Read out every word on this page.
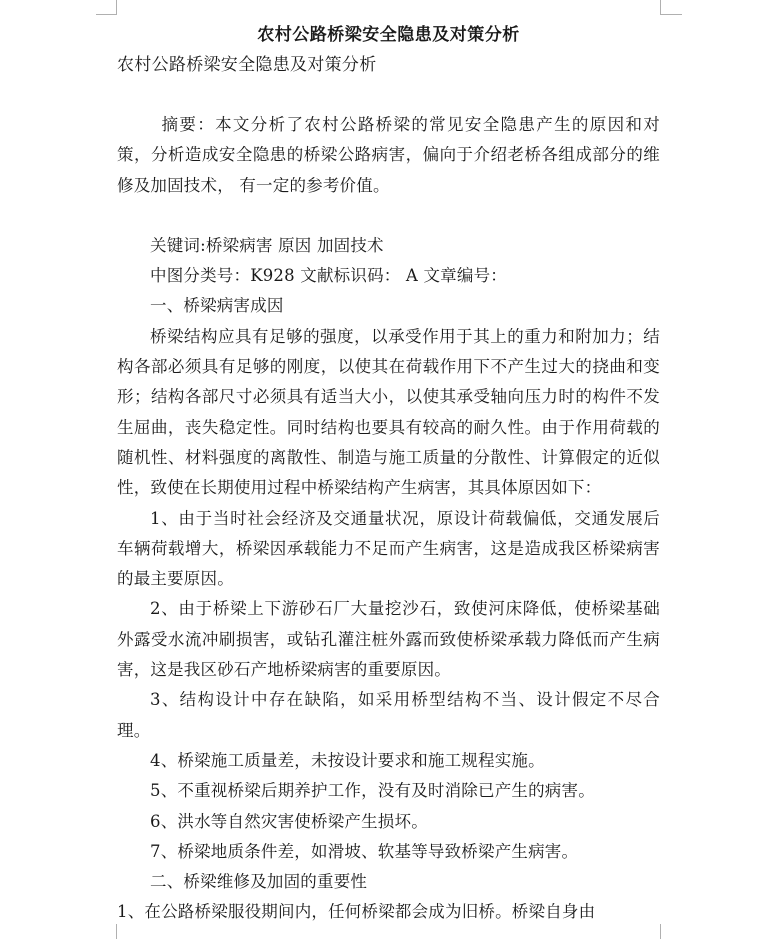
农村公路桥梁安全隐患及对策分析
农村公路桥梁安全隐患及对策分析

摘要：本文分析了农村公路桥梁的常见安全隐患产生的原因和对策，分析造成安全隐患的桥梁公路病害，偏向于介绍老桥各组成部分的维修及加固技术， 有一定的参考价值。

关键词:桥梁病害 原因 加固技术

中图分类号：K928 文献标识码： A 文章编号：

一、桥梁病害成因

桥梁结构应具有足够的强度，以承受作用于其上的重力和附加力；结构各部必须具有足够的刚度，以使其在荷载作用下不产生过大的挠曲和变形；结构各部尺寸必须具有适当大小，以使其承受轴向压力时的构件不发生屈曲，丧失稳定性。同时结构也要具有较高的耐久性。由于作用荷载的随机性、材料强度的离散性、制造与施工质量的分散性、计算假定的近似性，致使在长期使用过程中桥梁结构产生病害，其具体原因如下：

1、由于当时社会经济及交通量状况，原设计荷载偏低，交通发展后车辆荷载增大，桥梁因承载能力不足而产生病害，这是造成我区桥梁病害的最主要原因。

2、由于桥梁上下游砂石厂大量挖沙石，致使河床降低，使桥梁基础外露受水流冲刷损害，或钻孔灌注桩外露而致使桥梁承载力降低而产生病害，这是我区砂石产地桥梁病害的重要原因。

3、结构设计中存在缺陷，如采用桥型结构不当、设计假定不尽合理。

4、桥梁施工质量差，未按设计要求和施工规程实施。

5、不重视桥梁后期养护工作，没有及时消除已产生的病害。

6、洪水等自然灾害使桥梁产生损坏。

7、桥梁地质条件差，如滑坡、软基等导致桥梁产生病害。

二、桥梁维修及加固的重要性

1、在公路桥梁服役期间内，任何桥梁都会成为旧桥。桥梁自身由
